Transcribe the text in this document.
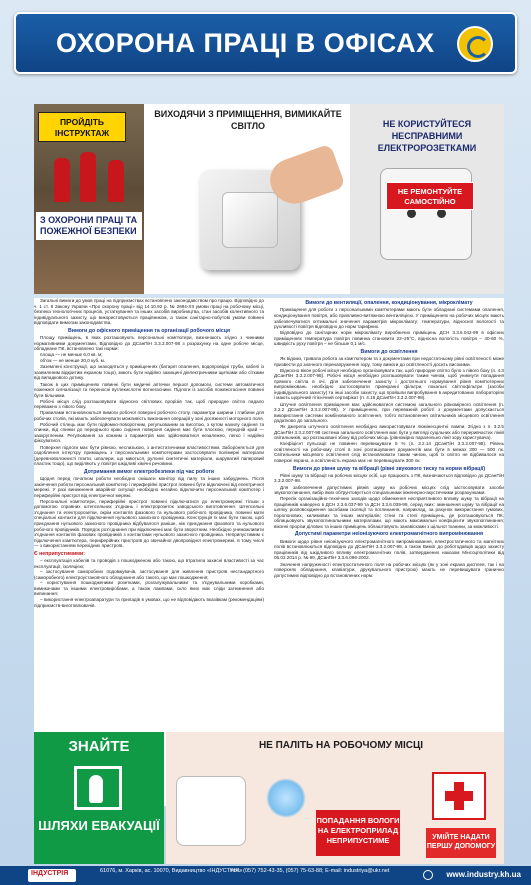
ОХОРОНА ПРАЦІ В ОФІСАХ
ПРОЙДІТЬ ІНСТРУКТАЖ
З ОХОРОНИ ПРАЦІ ТА ПОЖЕЖНОЇ БЕЗПЕКИ
ВИХОДЯЧИ З ПРИМІЩЕННЯ, ВИМИКАЙТЕ СВІТЛО	НЕ КОРИСТУЙТЕСЯ НЕСПРАВНИМИ ЕЛЕКТРОРОЗЕТКАМИ
НЕ РЕМОНТУЙТЕ САМОСТІЙНО

Загальні вимоги до умов праці на підприємствах встановлено законодавством про працю. Відповідно до ч. 1 ст. 8 Закону України «Про охорону праці» від 14.10.92 р. № 2694-XII умови праці на робочому місці, безпека технологічних процесів, устаткування та інших засобів виробництва, стан засобів колективного та індивідуального захисту, що використовуються працівником, а також санітарно-побутові умови повинні відповідати вимогам законодавства.

Вимоги до офісного приміщення та організації робочого місця

Площу приміщень, в яких розташовують персональні комп'ютери, визначають згідно з чинними нормативними документами. Відповідно до ДСанПіН 3.3.2.007-98 з розрахунку на одне робоче місце, обладнане ПК, встановлено такі норми:

площа — не менше 6,0 кв. м;

об'єм — не менше 20,0 куб. м.

Заземлені конструкції, що знаходяться у приміщеннях (батареї опалення, водопровідні труби, кабелі із заземленим відкритим екраном тощо), мають бути надійно захищені діелектричними щитками або сітками від випадкового дотику.

Також в цих приміщеннях повинні бути медичні аптечки першої допомоги, системи автоматичної пожежної сигналізації та переносні вуглекислотні вогнегасники. Підлоги із засобів пожежогасіння повинні бути вільними.

Робочі місця слід розташовувати відносно світлових прорізів так, щоб природне світло падало переважно з лівого боку.

Правилами встановлюються вимоги робочої поверхні робочого столу, параметри ширини і глибини для робочих столів, які мають забезпечувати можливість виконання операцій у зоні досяжності моторного поля.

Робочий стілець має бути підйомно-поворотним, регульованим за висотою, з кутом нахилу сидіння та спинки, від спинки до переднього краю сидіння поверхня сидіння має бути плоскою, передній край — заокругленим. Регулювання за кожним з параметрів має здійснюватися незалежно, легко і надійно фіксуватися.

Поверхня підлоги має бути рівною, неслизькою, з антистатичними властивостями. Забороняється для оздоблення інтер'єру приміщень з персональними комп'ютерами застосовувати полімерні матеріали (деревноволокнисті плити, шпалери, що миються, рулонні синтетичні матеріали, шаруватий паперовий пластик тощо), що виділяють у повітря шкідливі хімічні речовини.

Дотримання вимог електробезпеки під час роботи

Щодня перед початком роботи необхідно смішати монітор від пилу та інших забруднень. Після закінчення роботи персональний комп'ютер і периферійні пристрої повинні бути відключені від електричної мережі. У разі виникнення аварійної ситуації необхідно негайно відключити персональний комп'ютер і периферійні пристрої від електричної мережі.

Персональні комп'ютери, периферійні пристрої повинні підключатися до електромережі тільки з допомогою справних штепсельних з'єднань і електророзеток заводського виготовлення. Штепсельні з'єднання та електророзетки, окрім контактів фазового та нульового робочого провідника, повинні мати спеціальні контакти для підключення нульового захисного провідника. Конструкція їх має бути такою, щоб приєднання нульового захисного провідника відбувалося раніше, ніж приєднання фазового та нульового робочого провідників. Порядок роз'єднання при відключенні має бути зворотним. Необхідно унеможливити з'єднання контактів фазових провідників з контактами нульового захисного провідника. Неприпустимим є підключення комп'ютера, периферійних пристроїв до звичайної двопровідної електромережі, в тому числі — з використанням перехідних пристроїв.

Є неприпустимими:
– експлуатація кабелів та проводів з пошкодженою або такою, що втратила захисні властивості за час експлуатації, ізоляцією;
– застосування саморобних подовжувачів, застосування для живлення пристроїв нестандартного (саморобного) електроустановчого обладнання або такого, що має пошкодження;
– користування пошкодженими розетками, розгалужувальними та з'єднувальними коробками, вимикачами та іншими електровиробами, а також лампами, скло яких має сліди затемнення або випинання;
– використання електроапаратури та приладів в умовах, що не відповідають вказівкам (рекомендаціям) підприємств-виготовлювачів.
Вимоги до вентиляції, опалення, кондиціонування, мікроклімату

Приміщення для роботи з персональними комп'ютерами мають бути обладнані системами опалення, кондиціонування повітря, або припливно-витяжною вентиляцією. У приміщеннях на робочих місцях мають забезпечуватися оптимальні значення параметрів мікроклімату: температури, відносної вологості та рухливості повітря відповідно до норм тарифних.

Відповідно до санітарних норм мікроклімату виробничих приміщень ДСН 3.3.6.042-99 в офісних приміщеннях температура повітря повинна становити 22–25°С, відносна вологість повітря – 40-60 %, швидкість руху повітря – не більше 0,1 м/с.

Вимоги до освітлення

Як відомо, тривала робота за комп'ютером та з документами при недостатньому рівні освітленості може призвести до значного перенапруження зору, тому вимоги до освітленості досить високими.

Відносно вікон робочі місця необхідно організовувати так, щоб природне світло було з лівого боку (п. 4.3 ДСанПіН 3.3.2.007-98). Робочі місця необхідно розташовувати таким чином, щоб уникнути попадання прямого світла в очі. Для забезпечення захисту і достатнього нормування рівня комп'ютерних випромінювань необхідно застосовувати приекранні фільтри, локальні світлофільтри (засоби індивідуального захисту) та інші засоби захисту, що пройшли випробування в акредитованих лабораторіях і мають щорічний гігієнічний сертифікат (п. 4.19 ДСанПіН 3.3.2.007-98).

Штучне освітлення приміщення має здійснюватися системою загального рівномірного освітлення (п. 3.2.2 ДСанПіН 3.3.2.007-98). У приміщеннях, при переважній роботі з документами допускається використання системи комбінованого освітлення, тобто встановлення світильників місцевого освітлення додатково до загального.

Як джерела штучного освітлення необхідно використовувати люмінесцентні лампи. Згідно з п. 3.2.5 ДСанПіН 3.3.2.007-98 система загального освітлення має бути у вигляді суцільних або переривчастих ліній світильників, що розташовані збоку від робочих місць (рівномірно паралельно лінії зору користувача).

Коефіцієнт пульсації не повинен перевищувати 5 % (п. 3.2.14 ДСанПіН 3.3.2.007-98). Рівень освітленості на робочому столі в зоні розташування документів має бути в межах 300 — 500 лк. Світильники місцевого освітлення слід встановлювати таким чином, щоб їх світло не відбивалося на поверхні екрана, а освітленість екрана має не перевищувати 300 лк.

Вимоги до рівня шуму та вібрації (рівні звукового тиску та норми вібрації)

Рівні шуму та вібрації на робочих місцях осіб, що працюють з ПК, визначаються відповідно до ДСанПіН 3.3.2.007-98.

Для забезпечення допустимих рівнів шуму на робочих місцях слід застосовувати засоби звукопоглинання, вибір яких обґрунтовується спеціальними інженерно-акустичними розрахунками.

Перелік організаційно-технічних заходів щодо обмеження несприятливого впливу шуму та вібрації на працівників наведено в ДСН 2.3.6.037-99 та ДСН 3.3.6.039-99, серед яких: зменшення шуму та вібрації на шляху розповсюдження засобами ізоляції та поглинання, наприклад, за рахунок використання гумових, поролонових, килимових та інших матеріалів; стіни та стелі приміщень, де розташовуються ПК, облицьовують звукопоглинальними матеріалами, що мають максимальні коефіцієнти звукопоглинання; віконні прорізи ділових та інших приміщень облаштовують занавісками з щільної тканини, за можливості.

Допустимі параметри неіонізуючого електромагнітного випромінювання

Вимоги щодо рівня неіонізуючого електромагнітного випромінювання, електростатичного та магнітних полів встановлюються відповідно до ДСанПіН 3.3.2.007-98, а також Вимог до роботодавців щодо захисту працівників від шкідливого впливу електромагнітних полів, затверджених наказом Мінсоцполітики від 05.02.2014 р. № 99, ДСанПіН 3.3.6.096-2002.

Значення напруженості електростатичного поля на робочих місцях (як у зоні екрана дисплея, так і на поверхнях обладнання, клавіатури, друкувального пристрою) мають не перевищувати гранично допустимих відповідно до встановлених норм.

ЗНАЙТЕ
ШЛЯХИ ЕВАКУАЦІЇ
НЕ ПАЛІТЬ НА РОБОЧОМУ МІСЦІ
ПОПАДАННЯ ВОЛОГИ НА ЕЛЕКТРОПРИЛАД НЕПРИПУСТИМЕ	УМІЙТЕ НАДАТИ ПЕРШУ ДОПОМОГУ
ІНДУСТРІЯ	61076, м. Харків, ас. 10070, Видавництво «ІНДУСТРІЯ»
тел.: (057) 752-43-35, (057) 75-63-88; E-mail: industriya@ukr.net	www.industry.kh.ua
